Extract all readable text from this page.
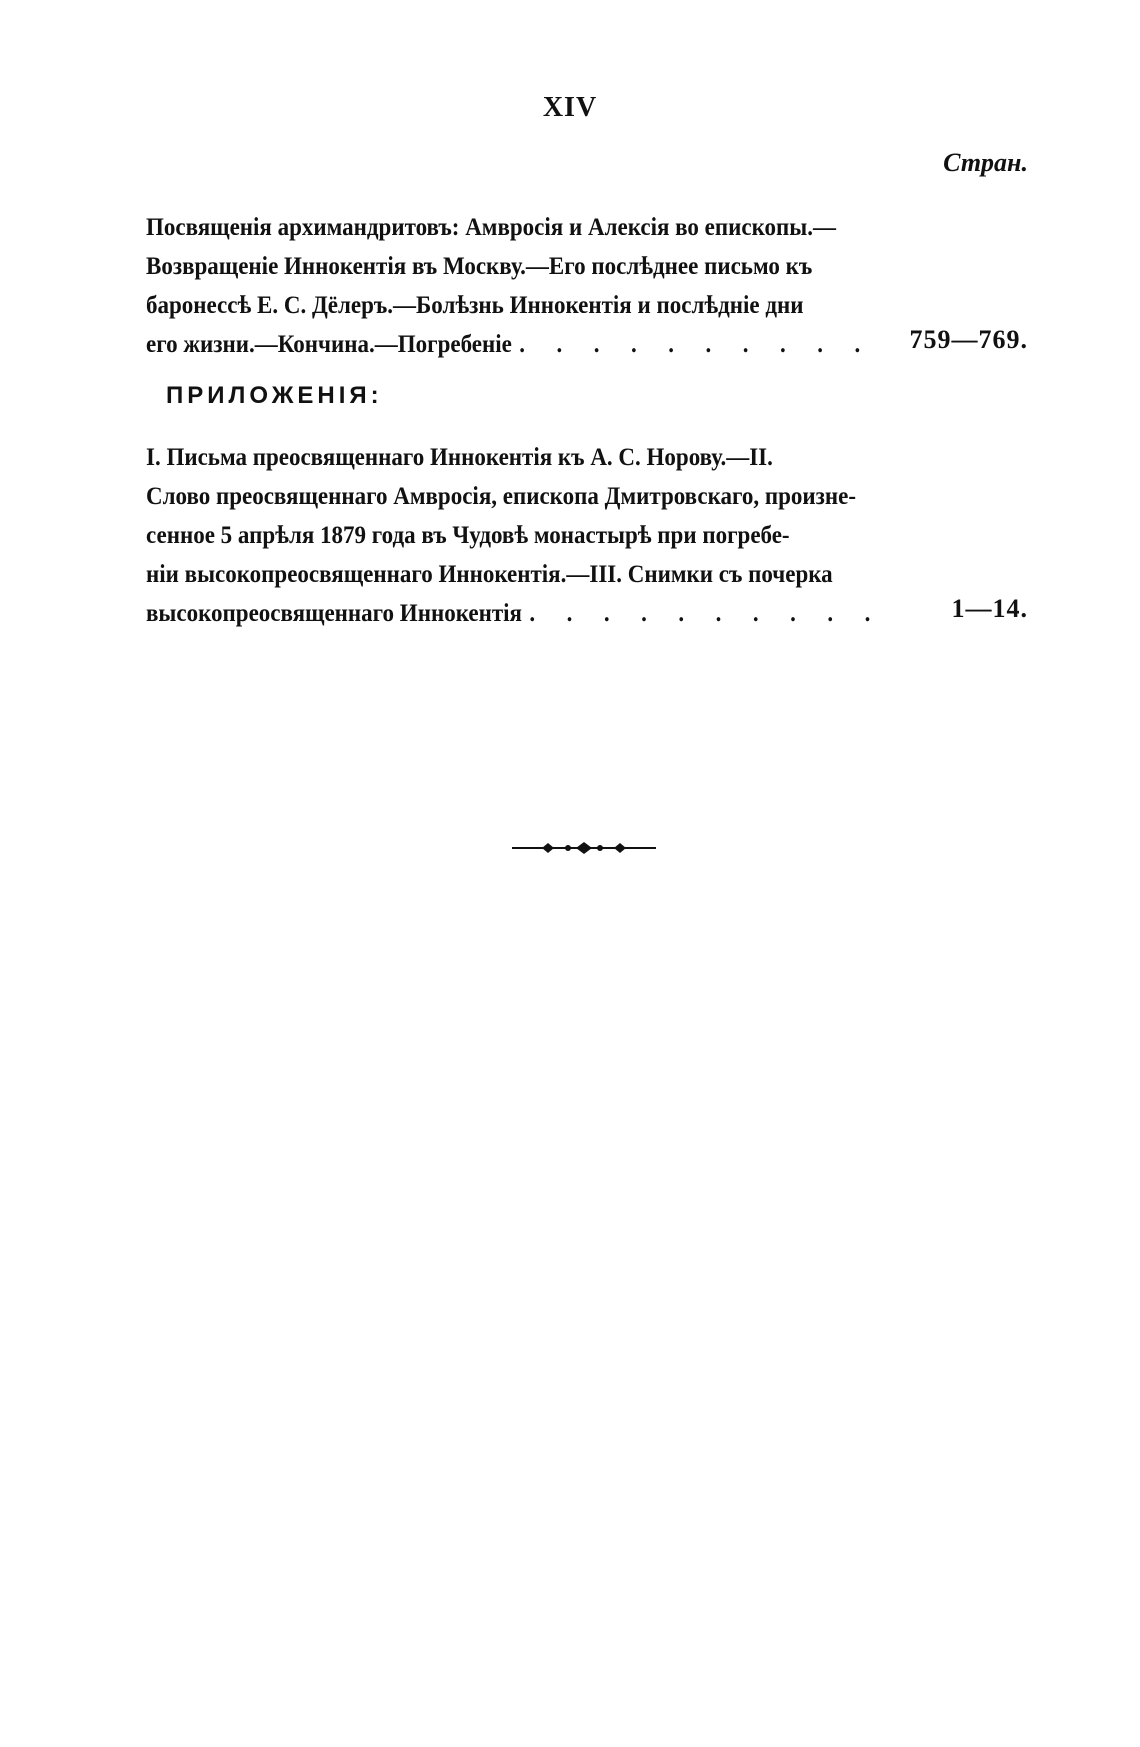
XIV
Стран.
Посвященія архимандритовъ: Амвросія и Алексія во епископы.—
Возвращеніе Иннокентія въ Москву.—Его послѣднее письмо къ
баронессѣ Е. С. Дёлеръ.—Болѣзнь Иннокентія и послѣдніе дни
его жизни.—Кончина.—Погребеніе . . . . . . . . . . 759—769.
ПРИЛОЖЕНІЯ:
I. Письма преосвященнаго Иннокентія къ А. С. Норову.—II.
Слово преосвященнаго Амвросія, епископа Дмитровскаго, произне-
сенное 5 апрѣля 1879 года въ Чудовѣ монастырѣ при погребе-
ніи высокопреосвященнаго Иннокентія.—III. Снимки съ почерка
высокопреосвященнаго Иннокентія . . . . . . . . . .	1—14.
